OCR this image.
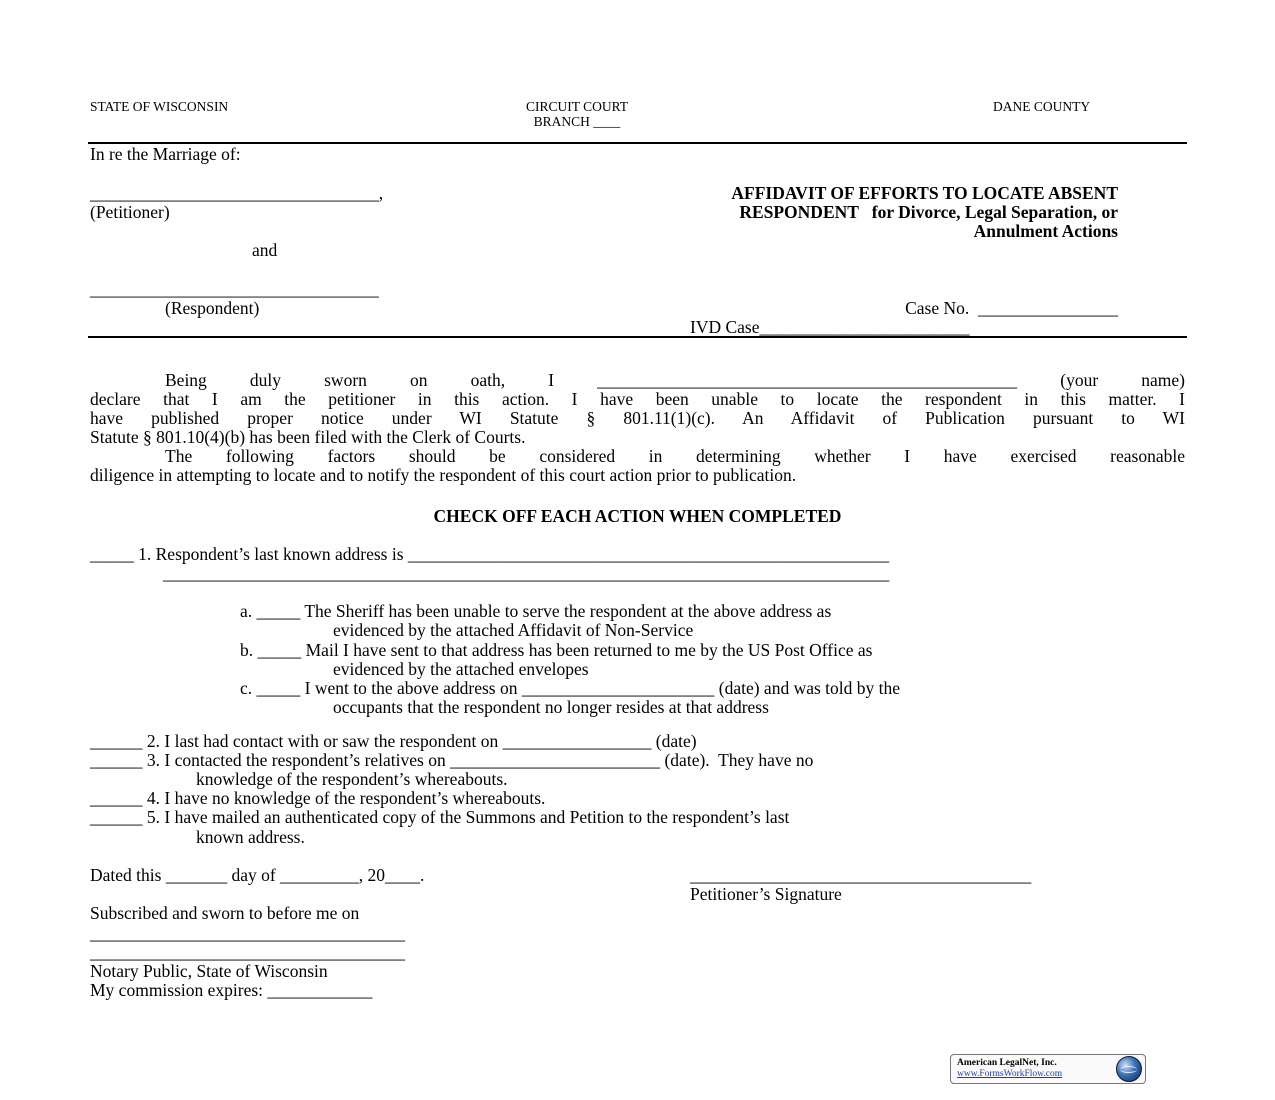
STATE OF WISCONSIN	CIRCUIT COURT
BRANCH ____
DANE COUNTY
In re the Marriage of:
_________________________________,
(Petitioner)
and
_________________________________
(Respondent)
AFFIDAVIT OF EFFORTS TO LOCATE ABSENT
RESPONDENT   for Divorce, Legal Separation, or
Annulment Actions
Case No.  ________________
IVD Case________________________
Being duly sworn on oath, I ________________________________________________ (your name)
declare that I am the petitioner in this action. I have been unable to locate the respondent in this matter. I
have published proper notice under WI Statute § 801.11(1)(c). An Affidavit of Publication pursuant to WI
Statute § 801.10(4)(b) has been filed with the Clerk of Courts.
The following factors should be considered in determining whether I have exercised reasonable
diligence in attempting to locate and to notify the respondent of this court action prior to publication.
CHECK OFF EACH ACTION WHEN COMPLETED
_____ 1. Respondent’s last known address is _______________________________________________________
___________________________________________________________________________________
a. _____ The Sheriff has been unable to serve the respondent at the above address as
evidenced by the attached Affidavit of Non-Service
b. _____ Mail I have sent to that address has been returned to me by the US Post Office as
evidenced by the attached envelopes
c. _____ I went to the above address on ______________________ (date) and was told by the
occupants that the respondent no longer resides at that address
______ 2. I last had contact with or saw the respondent on _________________ (date)
______ 3. I contacted the respondent’s relatives on ________________________ (date).  They have no
knowledge of the respondent’s whereabouts.
______ 4. I have no knowledge of the respondent’s whereabouts.
______ 5. I have mailed an authenticated copy of the Summons and Petition to the respondent’s last
known address.
Dated this _______ day of _________, 20____.	_______________________________________
Petitioner’s Signature
Subscribed and sworn to before me on
____________________________________
____________________________________
Notary Public, State of Wisconsin
My commission expires: ____________
American LegalNet, Inc.
www.FormsWorkFlow.com
